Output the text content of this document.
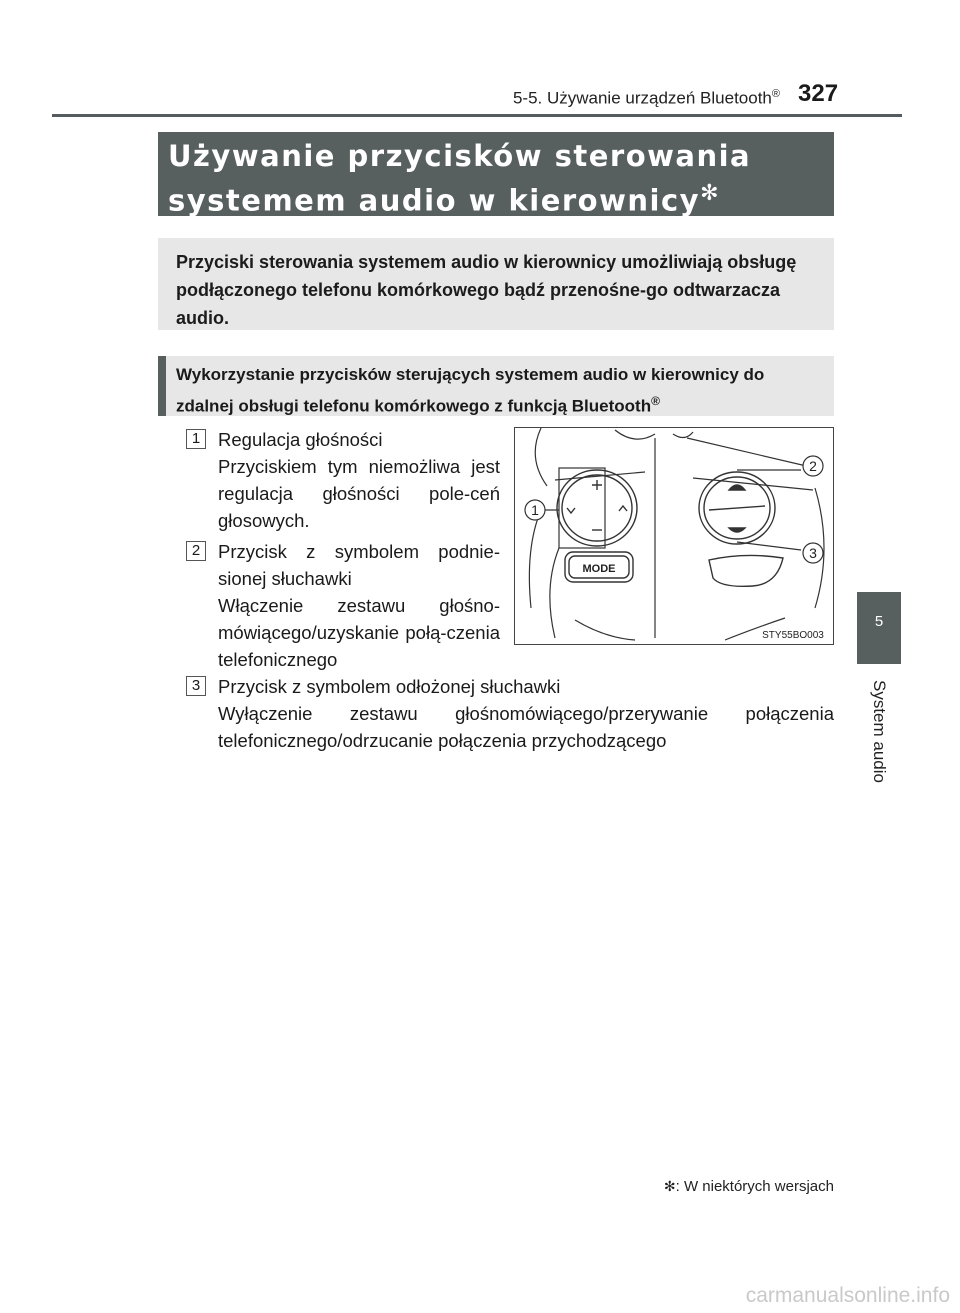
5-5. Używanie urządzeń Bluetooth® 327
Używanie przycisków sterowania
systemem audio w kierownicy✻
Przyciski sterowania systemem audio w kierownicy umożliwiają obsługę podłączonego telefonu komórkowego bądź przenośne-go odtwarzacza audio.
Wykorzystanie przycisków sterujących systemem audio w kierownicy do zdalnej obsługi telefonu komórkowego z funkcją Bluetooth®
1 Regulacja głośności
Przyciskiem tym niemożliwa jest regulacja głośności pole-ceń głosowych.
2 Przycisk z symbolem podnie-sionej słuchawki
Włączenie zestawu głośno-mówiącego/uzyskanie połą-czenia telefonicznego
3 Przycisk z symbolem odłożonej słuchawki
Wyłączenie zestawu głośnomówiącego/przerywanie połączenia telefonicznego/odrzucanie połączenia przychodzącego
1
2
3
MODE
STY55BO003
5
System audio
✻: W niektórych wersjach
carmanualsonline.info
